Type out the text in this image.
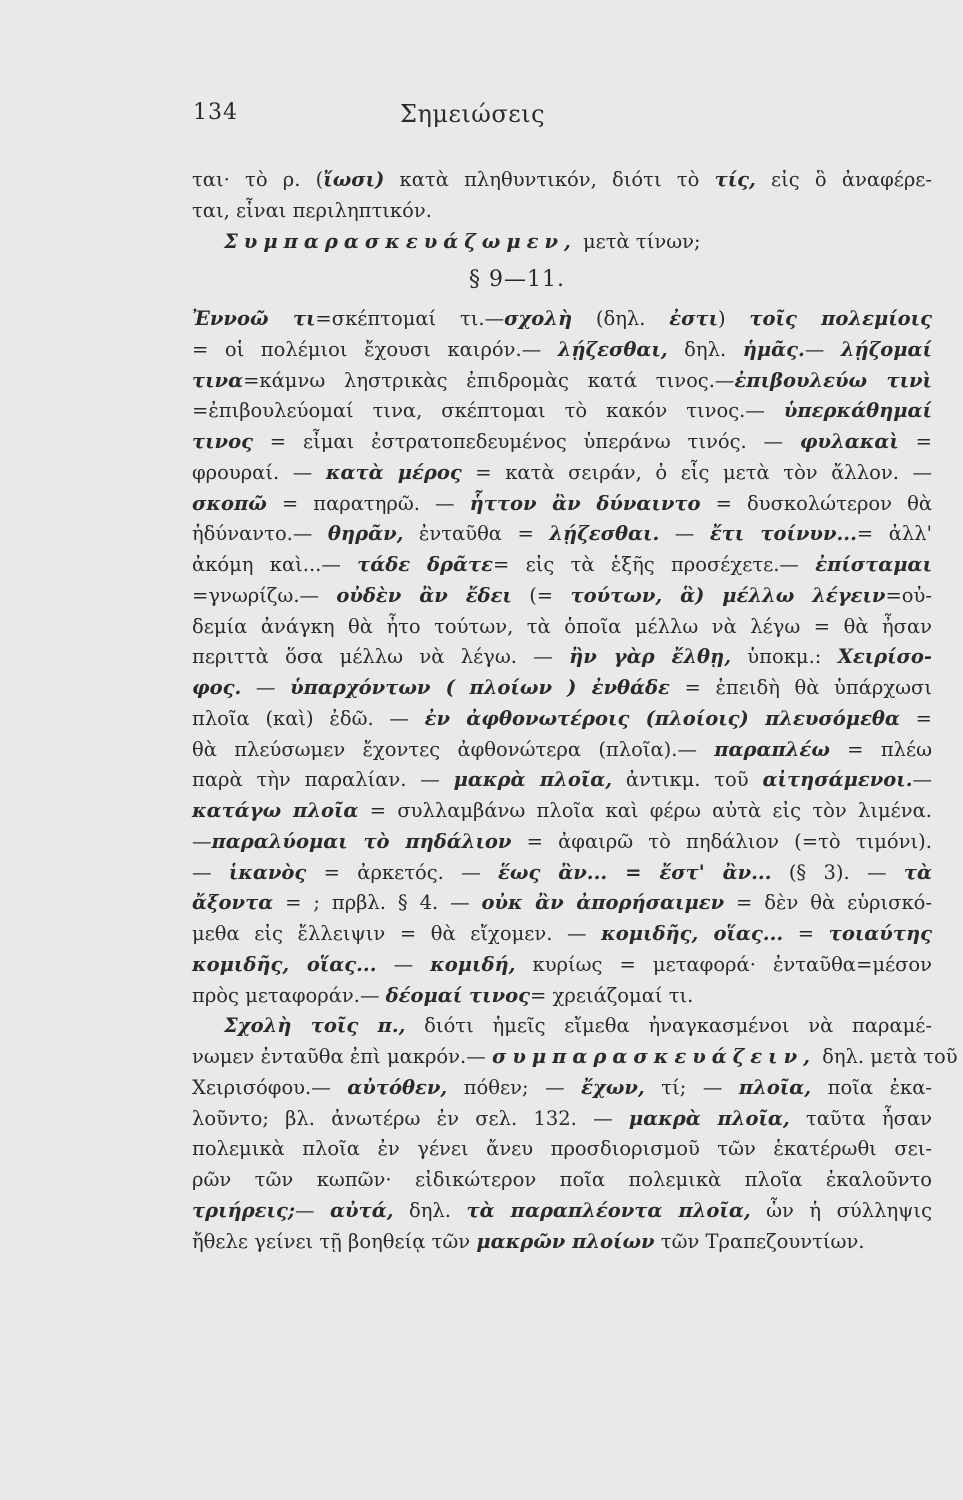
134	Σημειώσεις
ται· τὸ ρ. (ἴωσι) κατὰ πληθυντικόν, διότι τὸ τίς, εἰς ὃ ἀναφέρε-
ται, εἶναι περιληπτικόν.
Συμπαρασκευάζωμεν, μετὰ τίνων;
§ 9—11.
Ἐννοῶ τι=σκέπτομαί τι.—σχολὴ (δηλ. ἐστι) τοῖς πολεμίοις
= οἱ πολέμιοι ἔχουσι καιρόν.— λῄζεσθαι, δηλ. ἡμᾶς.— λῄζομαί
τινα=κάμνω ληστρικὰς ἐπιδρομὰς κατά τινος.—ἐπιβουλεύω τινὶ
=ἐπιβουλεύομαί τινα, σκέπτομαι τὸ κακόν τινος.— ὑπερκάθημαί
τινος = εἶμαι ἐστρατοπεδευμένος ὑπεράνω τινός. — φυλακαὶ =
φρουραί. — κατὰ μέρος = κατὰ σειράν, ὁ εἷς μετὰ τὸν ἄλλον. —
σκοπῶ = παρατηρῶ. — ἧττον ἂν δύναιντο = δυσκολώτερον θὰ
ἠδύναντο.— θηρᾶν, ἐνταῦθα = λῄζεσθαι. — ἔτι τοίνυν...= ἀλλ'
ἀκόμη καὶ...— τάδε δρᾶτε= εἰς τὰ ἑξῆς προσέχετε.— ἐπίσταμαι
=γνωρίζω.— οὐδὲν ἂν ἔδει (= τούτων, ἃ) μέλλω λέγειν=οὐ-
δεμία ἀνάγκη θὰ ἦτο τούτων, τὰ ὁποῖα μέλλω νὰ λέγω = θὰ ἦσαν
περιττὰ ὅσα μέλλω νὰ λέγω. — ἢν γὰρ ἔλθῃ, ὑποκμ.: Χειρίσο-
φος. — ὑπαρχόντων ( πλοίων ) ἐνθάδε = ἐπειδὴ θὰ ὑπάρχωσι
πλοῖα (καὶ) ἐδῶ. — ἐν ἀφθονωτέροις (πλοίοις) πλευσόμεθα =
θὰ πλεύσωμεν ἔχοντες ἀφθονώτερα (πλοῖα).— παραπλέω = πλέω
παρὰ τὴν παραλίαν. — μακρὰ πλοῖα, ἀντικμ. τοῦ αἰτησάμενοι.—
κατάγω πλοῖα = συλλαμβάνω πλοῖα καὶ φέρω αὐτὰ εἰς τὸν λιμένα.
—παραλύομαι τὸ πηδάλιον = ἀφαιρῶ τὸ πηδάλιον (=τὸ τιμόνι).
— ἱκανὸς = ἀρκετός. — ἕως ἂν... = ἔστ' ἂν... (§ 3). — τὰ
ἄξοντα = ; πρβλ. § 4. — οὐκ ἂν ἀπορήσαιμεν = δὲν θὰ εὑρισκό-
μεθα εἰς ἔλλειψιν = θὰ εἴχομεν. — κομιδῆς, οἵας... = τοιαύτης
κομιδῆς, οἵας... — κομιδή, κυρίως = μεταφορά· ἐνταῦθα=μέσον
πρὸς μεταφοράν.— δέομαί τινος= χρειάζομαί τι.
Σχολὴ τοῖς π., διότι ἡμεῖς εἴμεθα ἠναγκασμένοι νὰ παραμέ-
νωμεν ἐνταῦθα ἐπὶ μακρόν.— συμπαρασκευάζειν, δηλ. μετὰ τοῦ
Χειρισόφου.— αὐτόθεν, πόθεν; — ἔχων, τί; — πλοῖα, ποῖα ἐκα-
λοῦντο; βλ. ἀνωτέρω ἐν σελ. 132. — μακρὰ πλοῖα, ταῦτα ἦσαν
πολεμικὰ πλοῖα ἐν γένει ἄνευ προσδιορισμοῦ τῶν ἑκατέρωθι σει-
ρῶν τῶν κωπῶν· εἰδικώτερον ποῖα πολεμικὰ πλοῖα ἐκαλοῦντο
τριήρεις;— αὐτά, δηλ. τὰ παραπλέοντα πλοῖα, ὧν ἡ σύλληψις
ἤθελε γείνει τῇ βοηθείᾳ τῶν μακρῶν πλοίων τῶν Τραπεζουντίων.
